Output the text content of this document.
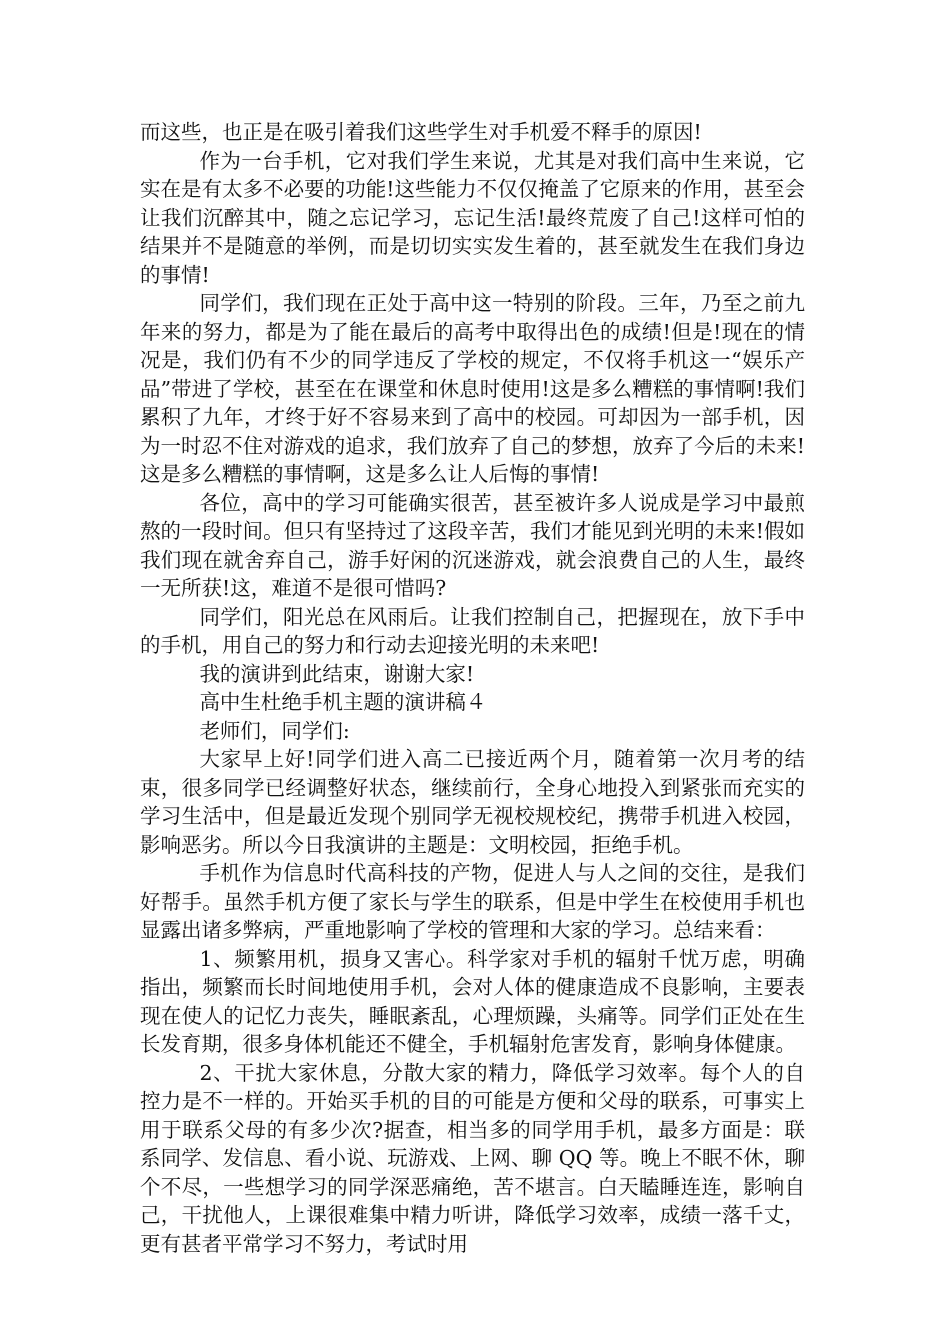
而这些，也正是在吸引着我们这些学生对手机爱不释手的原因!

作为一台手机，它对我们学生来说，尤其是对我们高中生来说，它实在是有太多不必要的功能!这些能力不仅仅掩盖了它原来的作用，甚至会让我们沉醉其中，随之忘记学习，忘记生活!最终荒废了自己!这样可怕的结果并不是随意的举例，而是切切实实发生着的，甚至就发生在我们身边的事情!

同学们，我们现在正处于高中这一特别的阶段。三年，乃至之前九年来的努力，都是为了能在最后的高考中取得出色的成绩!但是!现在的情况是，我们仍有不少的同学违反了学校的规定，不仅将手机这一“娱乐产品”带进了学校，甚至在在课堂和休息时使用!这是多么糟糕的事情啊!我们累积了九年，才终于好不容易来到了高中的校园。可却因为一部手机，因为一时忍不住对游戏的追求，我们放弃了自己的梦想，放弃了今后的未来!这是多么糟糕的事情啊，这是多么让人后悔的事情!

各位，高中的学习可能确实很苦，甚至被许多人说成是学习中最煎熬的一段时间。但只有坚持过了这段辛苦，我们才能见到光明的未来!假如我们现在就舍弃自己，游手好闲的沉迷游戏，就会浪费自己的人生，最终一无所获!这，难道不是很可惜吗?

同学们，阳光总在风雨后。让我们控制自己，把握现在，放下手中的手机，用自己的努力和行动去迎接光明的未来吧!

我的演讲到此结束，谢谢大家!

高中生杜绝手机主题的演讲稿４

老师们，同学们:

大家早上好!同学们进入高二已接近两个月，随着第一次月考的结束，很多同学已经调整好状态，继续前行，全身心地投入到紧张而充实的学习生活中，但是最近发现个别同学无视校规校纪，携带手机进入校园，影响恶劣。所以今日我演讲的主题是：文明校园，拒绝手机。

手机作为信息时代高科技的产物，促进人与人之间的交往，是我们好帮手。虽然手机方便了家长与学生的联系，但是中学生在校使用手机也显露出诸多弊病，严重地影响了学校的管理和大家的学习。总结来看：

1、频繁用机，损身又害心。科学家对手机的辐射千忧万虑，明确指出，频繁而长时间地使用手机，会对人体的健康造成不良影响，主要表现在使人的记忆力丧失，睡眠紊乱，心理烦躁，头痛等。同学们正处在生长发育期，很多身体机能还不健全，手机辐射危害发育，影响身体健康。

2、干扰大家休息，分散大家的精力，降低学习效率。每个人的自控力是不一样的。开始买手机的目的可能是方便和父母的联系，可事实上用于联系父母的有多少次?据查，相当多的同学用手机，最多方面是：联系同学、发信息、看小说、玩游戏、上网、聊 QQ 等。晚上不眠不休，聊个不尽，一些想学习的同学深恶痛绝，苦不堪言。白天瞌睡连连，影响自己，干扰他人，上课很难集中精力听讲，降低学习效率，成绩一落千丈，更有甚者平常学习不努力，考试时用
